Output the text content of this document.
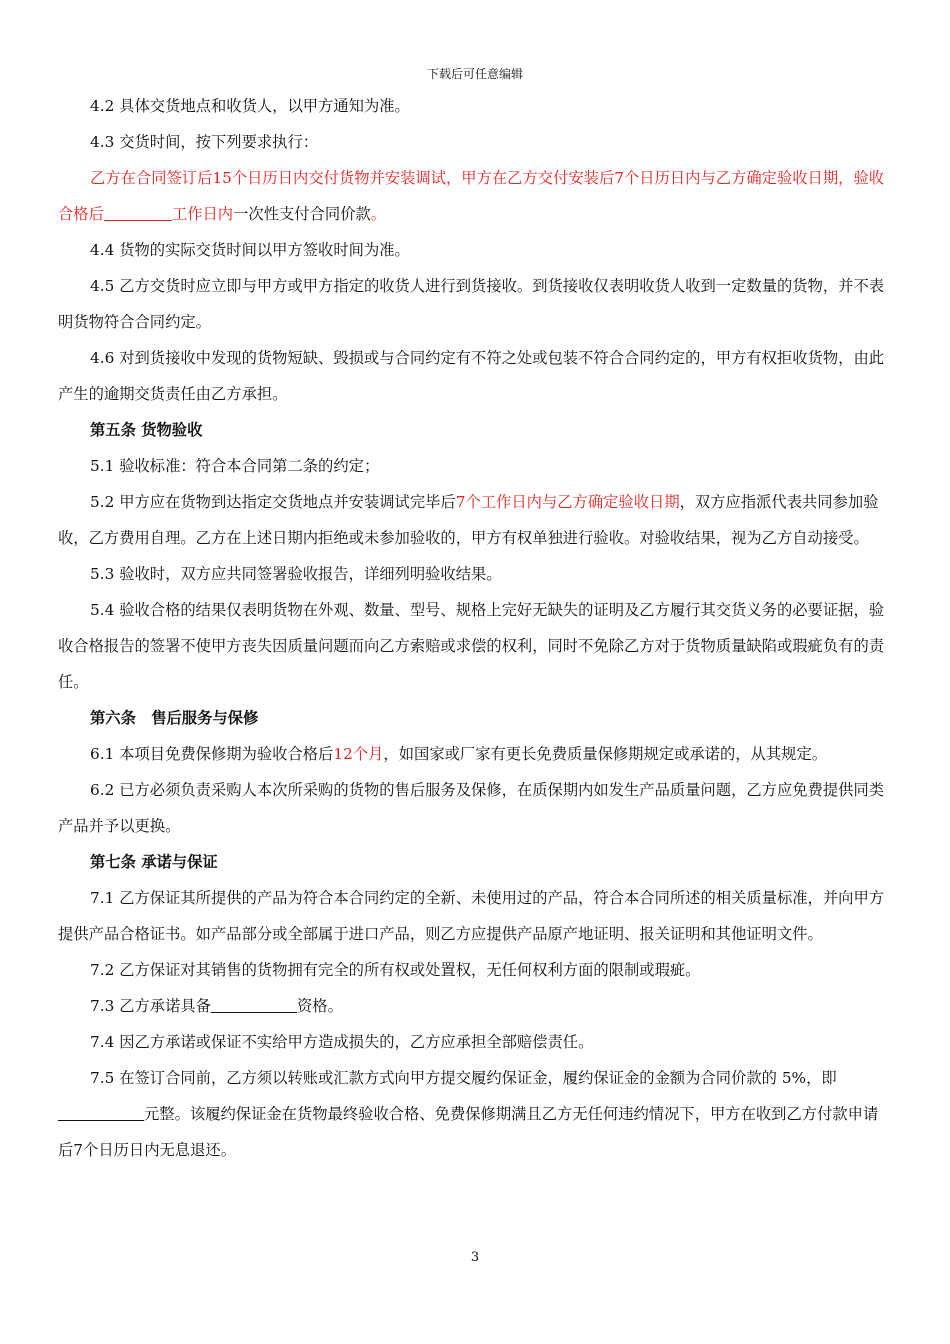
下载后可任意编辑

4.2 具体交货地点和收货人，以甲方通知为准。

4.3 交货时间，按下列要求执行：

乙方在合同签订后15个日历日内交付货物并安装调试，甲方在乙方交付安装后7个日历日内与乙方确定验收日期，验收合格后	工作日内一次性支付合同价款。

4.4 货物的实际交货时间以甲方签收时间为准。

4.5 乙方交货时应立即与甲方或甲方指定的收货人进行到货接收。到货接收仅表明收货人收到一定数量的货物，并不表明货物符合合同约定。

4.6 对到货接收中发现的货物短缺、毁损或与合同约定有不符之处或包装不符合合同约定的，甲方有权拒收货物，由此产生的逾期交货责任由乙方承担。

第五条 货物验收

5.1 验收标准：符合本合同第二条的约定；

5.2 甲方应在货物到达指定交货地点并安装调试完毕后7个工作日内与乙方确定验收日期，双方应指派代表共同参加验收，乙方费用自理。乙方在上述日期内拒绝或未参加验收的，甲方有权单独进行验收。对验收结果，视为乙方自动接受。

5.3 验收时，双方应共同签署验收报告，详细列明验收结果。

5.4 验收合格的结果仅表明货物在外观、数量、型号、规格上完好无缺失的证明及乙方履行其交货义务的必要证据，验收合格报告的签署不使甲方丧失因质量问题而向乙方索赔或求偿的权利，同时不免除乙方对于货物质量缺陷或瑕疵负有的责任。

第六条　售后服务与保修

6.1 本项目免费保修期为验收合格后12个月，如国家或厂家有更长免费质量保修期规定或承诺的，从其规定。

6.2 已方必须负责采购人本次所采购的货物的售后服务及保修，在质保期内如发生产品质量问题，乙方应免费提供同类产品并予以更换。

第七条 承诺与保证

7.1 乙方保证其所提供的产品为符合本合同约定的全新、未使用过的产品，符合本合同所述的相关质量标准，并向甲方提供产品合格证书。如产品部分或全部属于进口产品，则乙方应提供产品原产地证明、报关证明和其他证明文件。

7.2 乙方保证对其销售的货物拥有完全的所有权或处置权，无任何权利方面的限制或瑕疵。

7.3 乙方承诺具备	资格。

7.4 因乙方承诺或保证不实给甲方造成损失的，乙方应承担全部赔偿责任。

7.5 在签订合同前，乙方须以转账或汇款方式向甲方提交履约保证金，履约保证金的金额为合同价款的 5%，即元整。该履约保证金在货物最终验收合格、免费保修期满且乙方无任何违约情况下，甲方在收到乙方付款申请后7个日历日内无息退还。

3
